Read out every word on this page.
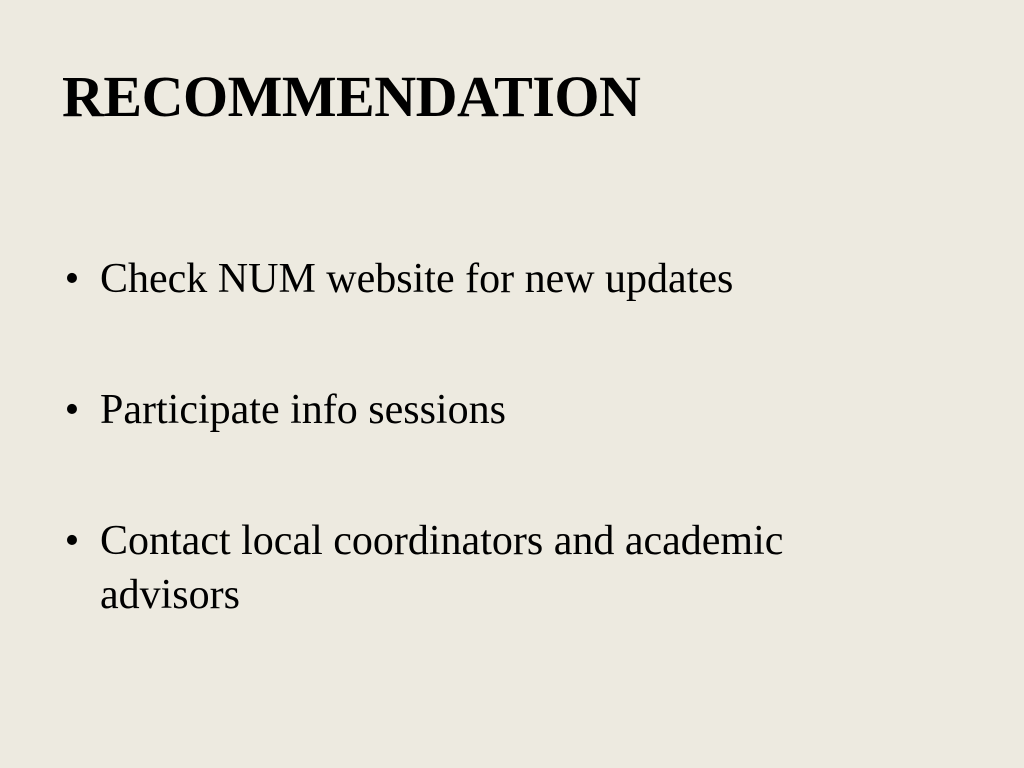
RECOMMENDATION
• Check NUM website for new updates
• Participate info sessions
• Contact local coordinators and academic advisors
